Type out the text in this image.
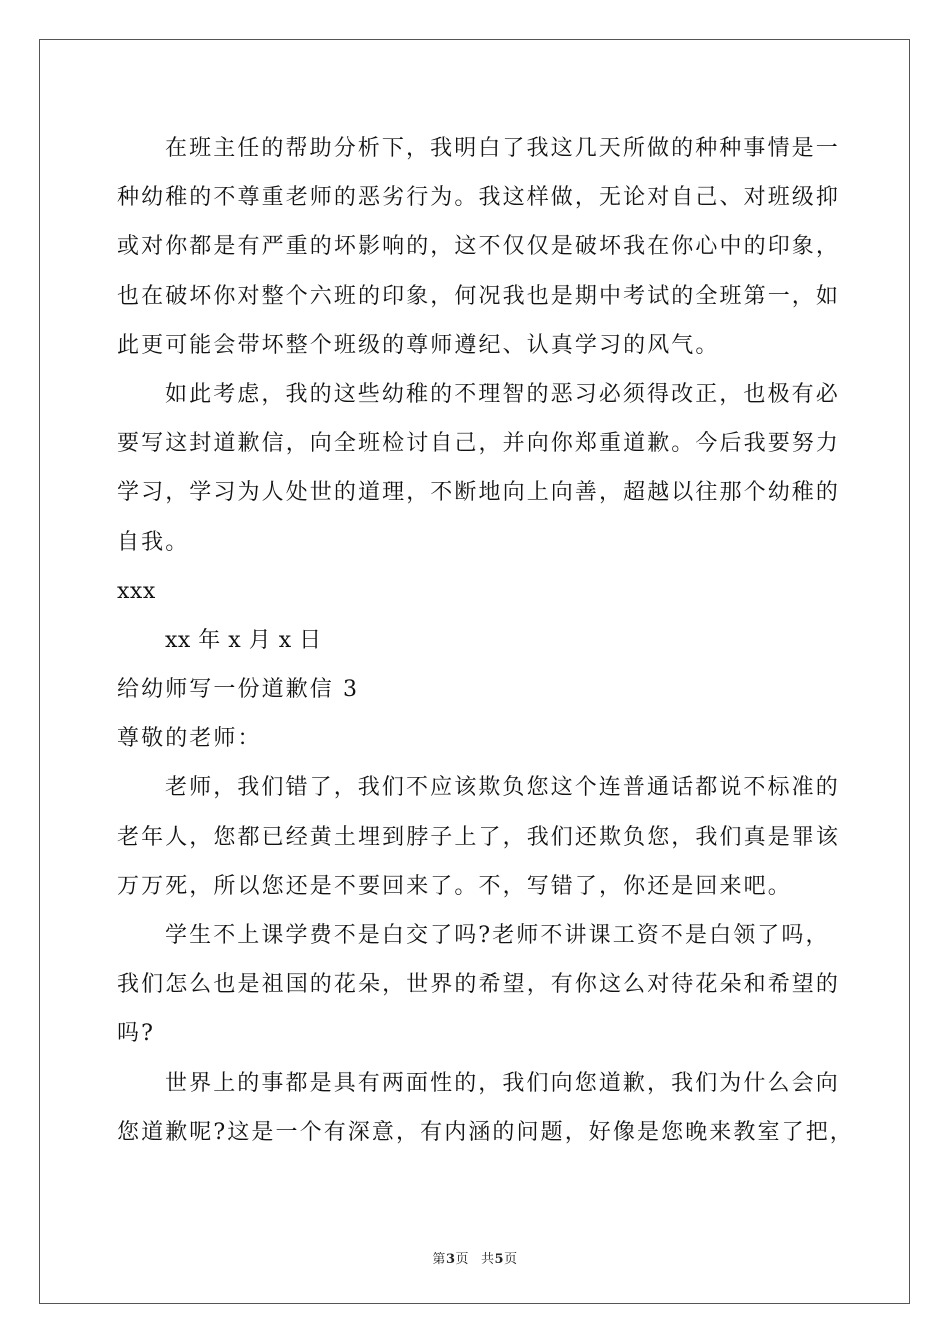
在班主任的帮助分析下，我明白了我这几天所做的种种事情是一
种幼稚的不尊重老师的恶劣行为。我这样做，无论对自己、对班级抑
或对你都是有严重的坏影响的，这不仅仅是破坏我在你心中的印象，
也在破坏你对整个六班的印象，何况我也是期中考试的全班第一，如
此更可能会带坏整个班级的尊师遵纪、认真学习的风气。
如此考虑，我的这些幼稚的不理智的恶习必须得改正，也极有必
要写这封道歉信，向全班检讨自己，并向你郑重道歉。今后我要努力
学习，学习为人处世的道理，不断地向上向善，超越以往那个幼稚的
自我。
xxx
xx 年 x 月 x 日
给幼师写一份道歉信 3
尊敬的老师：
老师，我们错了，我们不应该欺负您这个连普通话都说不标准的
老年人，您都已经黄土埋到脖子上了，我们还欺负您，我们真是罪该
万万死，所以您还是不要回来了。不，写错了，你还是回来吧。
学生不上课学费不是白交了吗?老师不讲课工资不是白领了吗，
我们怎么也是祖国的花朵，世界的希望，有你这么对待花朵和希望的
吗?
世界上的事都是具有两面性的，我们向您道歉，我们为什么会向
您道歉呢?这是一个有深意，有内涵的问题，好像是您晚来教室了把，
第3页 共5页
